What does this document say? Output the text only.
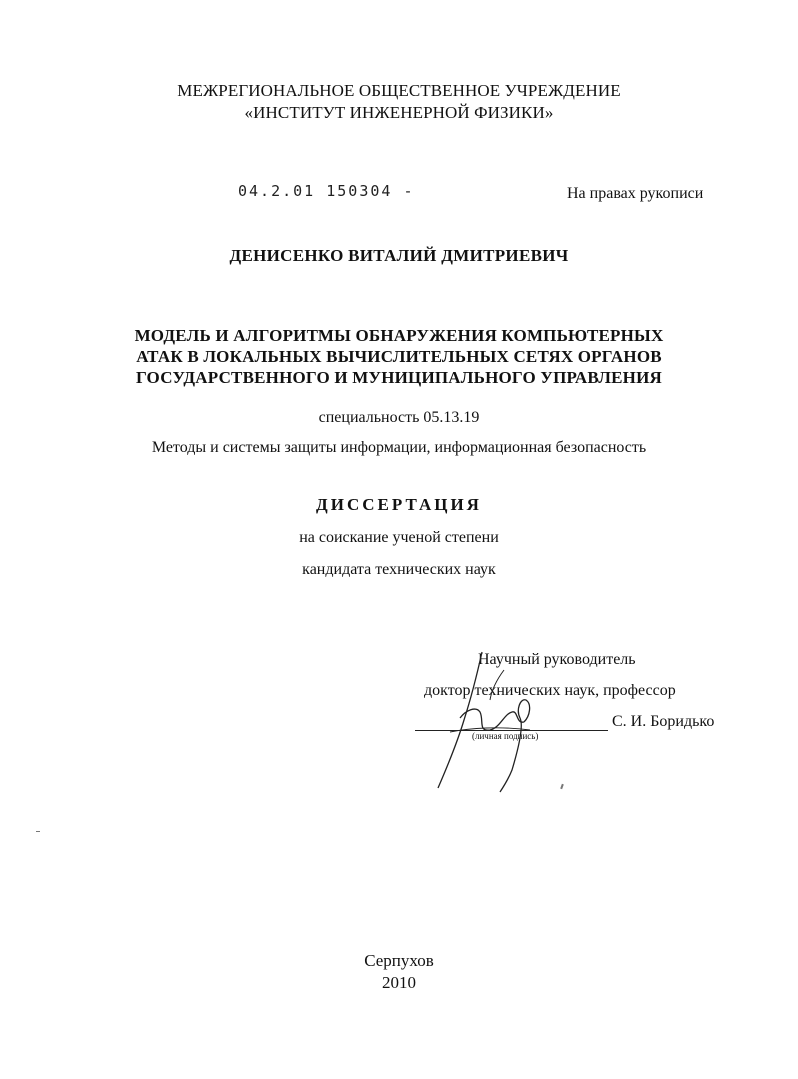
МЕЖРЕГИОНАЛЬНОЕ ОБЩЕСТВЕННОЕ УЧРЕЖДЕНИЕ
«ИНСТИТУТ ИНЖЕНЕРНОЙ ФИЗИКИ»
04.2.01 150304 -	На правах рукописи
ДЕНИСЕНКО ВИТАЛИЙ ДМИТРИЕВИЧ
МОДЕЛЬ И АЛГОРИТМЫ ОБНАРУЖЕНИЯ КОМПЬЮТЕРНЫХ
АТАК В ЛОКАЛЬНЫХ ВЫЧИСЛИТЕЛЬНЫХ СЕТЯХ ОРГАНОВ
ГОСУДАРСТВЕННОГО И МУНИЦИПАЛЬНОГО УПРАВЛЕНИЯ
специальность 05.13.19
Методы и системы защиты информации, информационная безопасность
ДИССЕРТАЦИЯ
на соискание ученой степени
кандидата технических наук
Научный руководитель
доктор технических наук, профессор
С. И. Боридько
(личная подпись)
Серпухов
2010
